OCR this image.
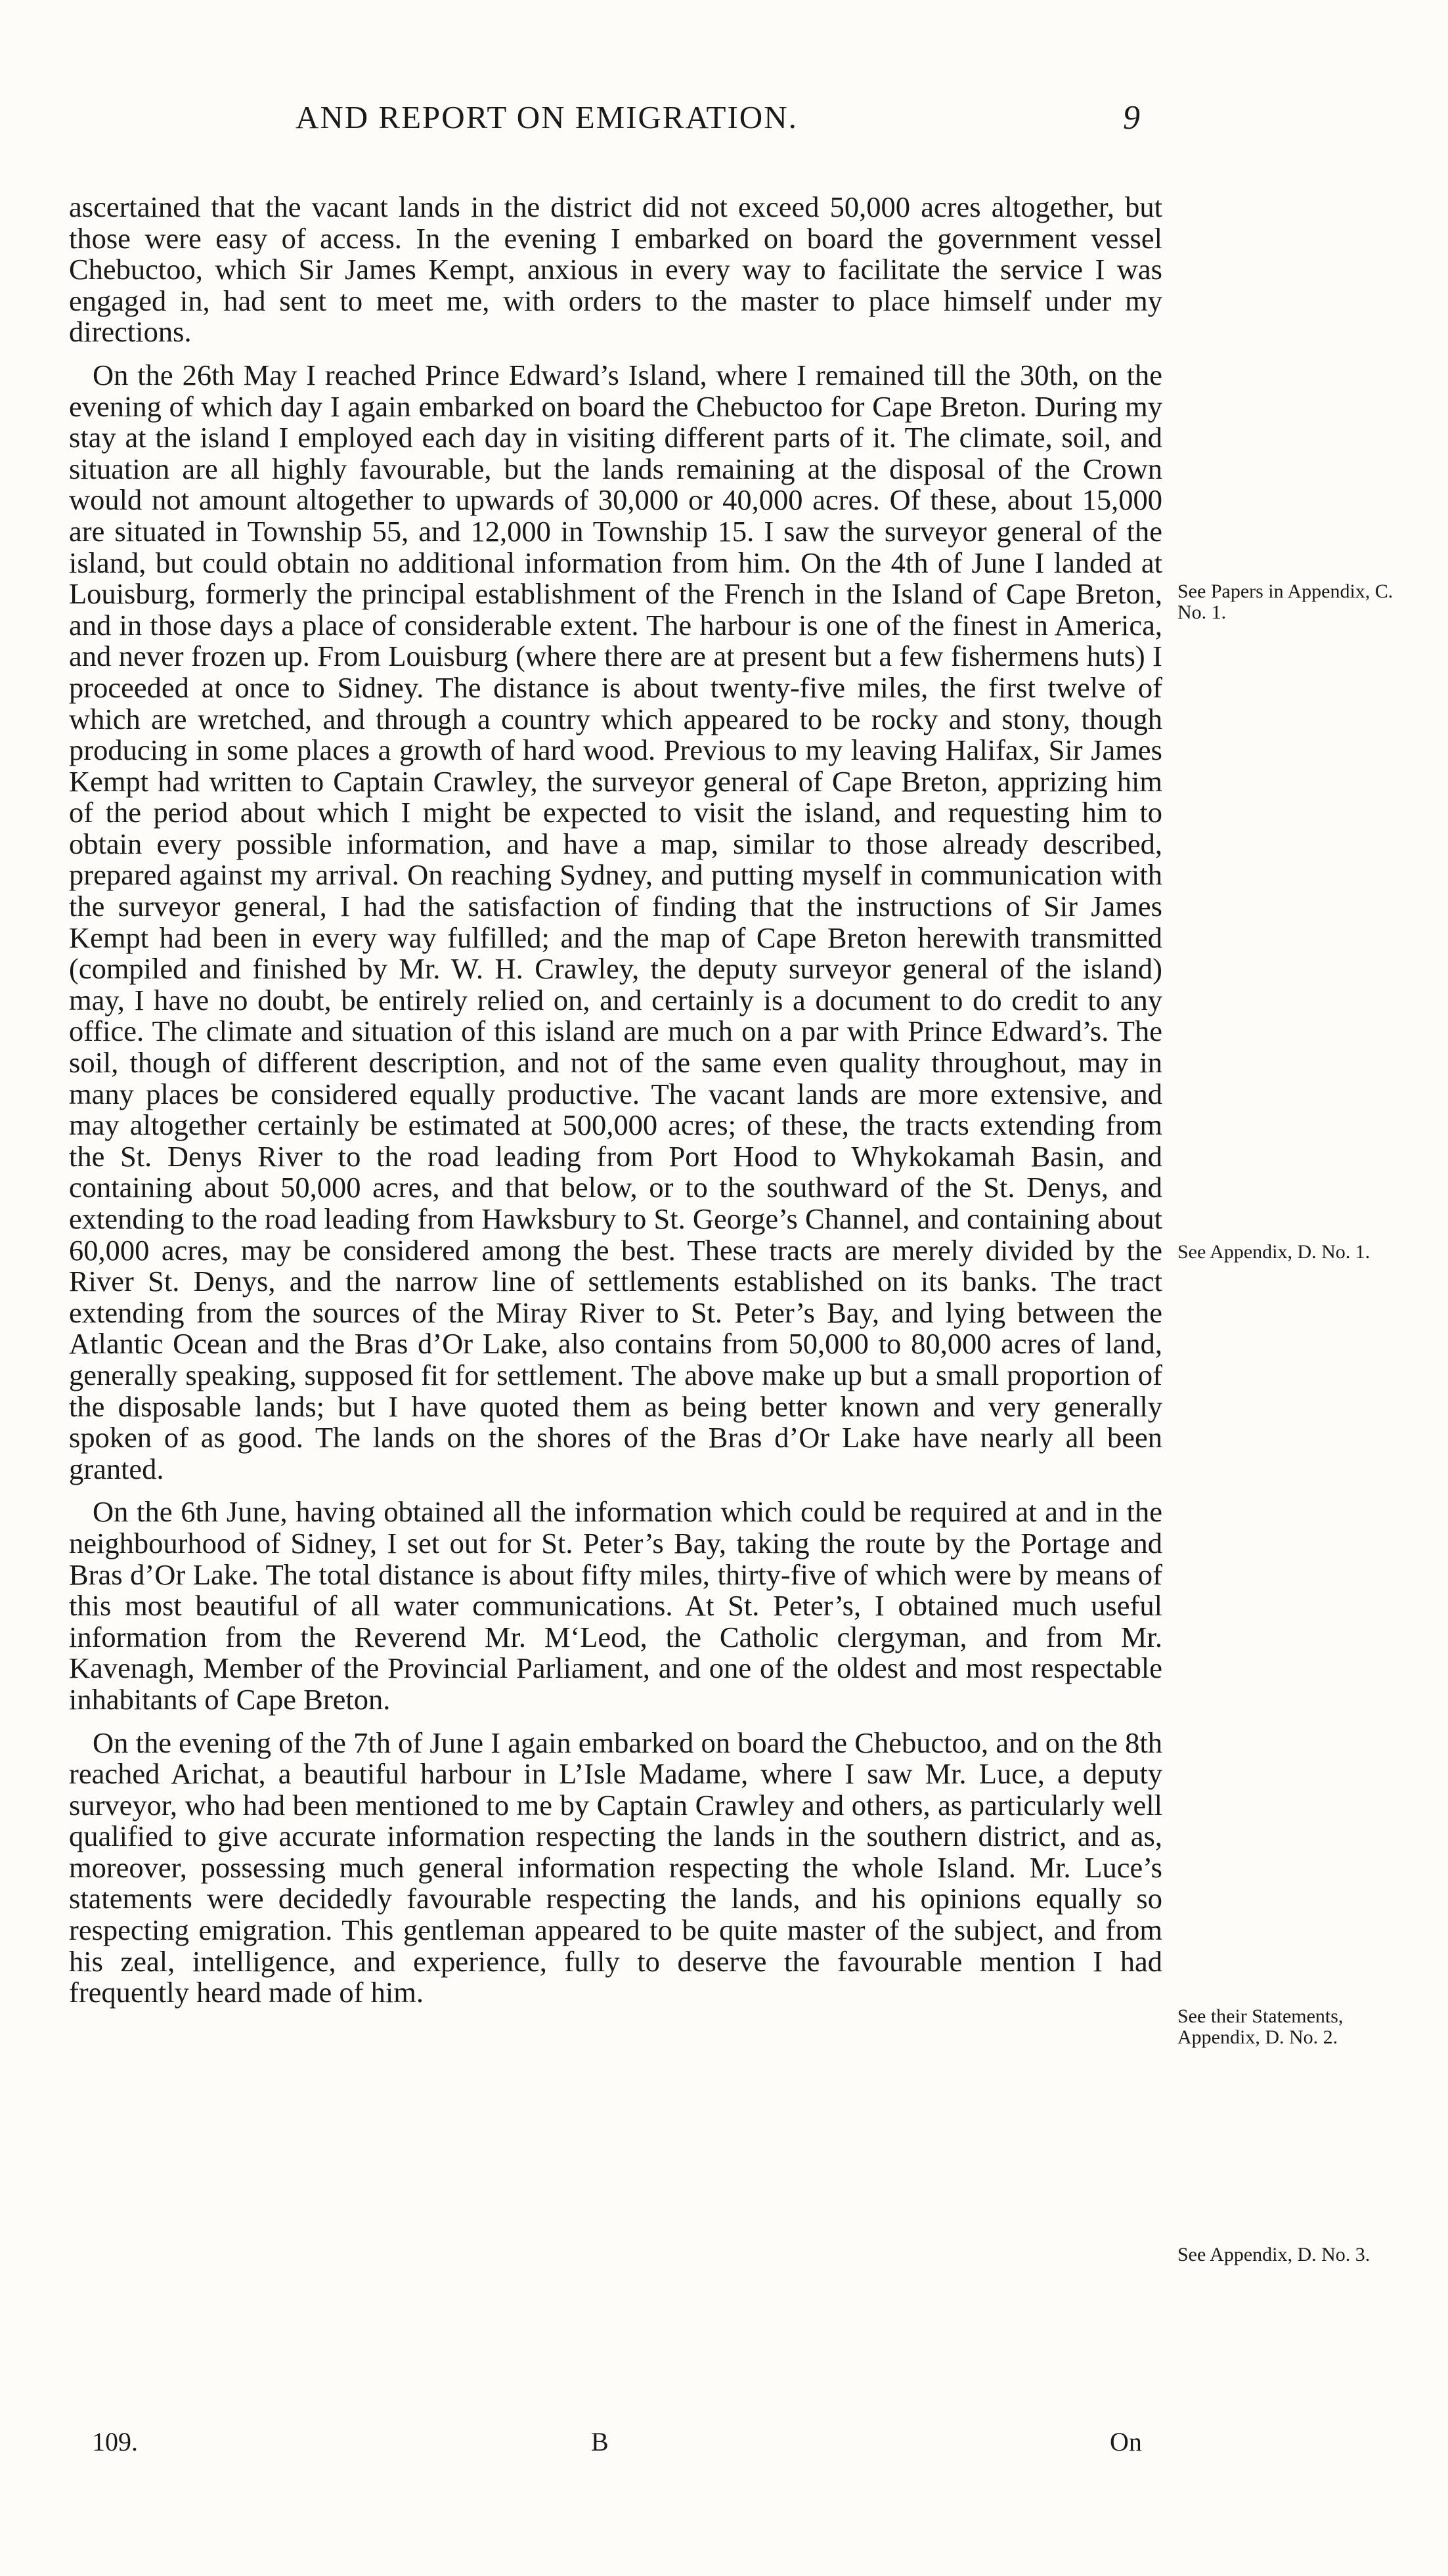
AND REPORT ON EMIGRATION.	9

ascertained that the vacant lands in the district did not exceed 50,000 acres altogether, but those were easy of access. In the evening I embarked on board the government vessel Chebuctoo, which Sir James Kempt, anxious in every way to facilitate the service I was engaged in, had sent to meet me, with orders to the master to place himself under my directions.

On the 26th May I reached Prince Edward’s Island, where I remained till the 30th, on the evening of which day I again embarked on board the Chebuctoo for Cape Breton. During my stay at the island I employed each day in visiting different parts of it. The climate, soil, and situation are all highly favourable, but the lands remaining at the disposal of the Crown would not amount altogether to upwards of 30,000 or 40,000 acres. Of these, about 15,000 are situated in Township 55, and 12,000 in Township 15. I saw the surveyor general of the island, but could obtain no additional information from him. On the 4th of June I landed at Louisburg, formerly the principal establishment of the French in the Island of Cape Breton, and in those days a place of considerable extent. The harbour is one of the finest in America, and never frozen up. From Louisburg (where there are at present but a few fishermens huts) I proceeded at once to Sidney. The distance is about twenty-five miles, the first twelve of which are wretched, and through a country which appeared to be rocky and stony, though producing in some places a growth of hard wood. Previous to my leaving Halifax, Sir James Kempt had written to Captain Crawley, the surveyor general of Cape Breton, apprizing him of the period about which I might be expected to visit the island, and requesting him to obtain every possible information, and have a map, similar to those already described, prepared against my arrival. On reaching Sydney, and putting myself in communication with the surveyor general, I had the satisfaction of finding that the instructions of Sir James Kempt had been in every way fulfilled; and the map of Cape Breton herewith transmitted (compiled and finished by Mr. W. H. Crawley, the deputy surveyor general of the island) may, I have no doubt, be entirely relied on, and certainly is a document to do credit to any office. The climate and situation of this island are much on a par with Prince Edward’s. The soil, though of different description, and not of the same even quality throughout, may in many places be considered equally productive. The vacant lands are more extensive, and may altogether certainly be estimated at 500,000 acres; of these, the tracts extending from the St. Denys River to the road leading from Port Hood to Whykokamah Basin, and containing about 50,000 acres, and that below, or to the southward of the St. Denys, and extending to the road leading from Hawksbury to St. George’s Channel, and containing about 60,000 acres, may be considered among the best. These tracts are merely divided by the River St. Denys, and the narrow line of settlements established on its banks. The tract extending from the sources of the Miray River to St. Peter’s Bay, and lying between the Atlantic Ocean and the Bras d’Or Lake, also contains from 50,000 to 80,000 acres of land, generally speaking, supposed fit for settlement. The above make up but a small proportion of the disposable lands; but I have quoted them as being better known and very generally spoken of as good. The lands on the shores of the Bras d’Or Lake have nearly all been granted.

On the 6th June, having obtained all the information which could be required at and in the neighbourhood of Sidney, I set out for St. Peter’s Bay, taking the route by the Portage and Bras d’Or Lake. The total distance is about fifty miles, thirty-five of which were by means of this most beautiful of all water communications. At St. Peter’s, I obtained much useful information from the Reverend Mr. M‘Leod, the Catholic clergyman, and from Mr. Kavenagh, Member of the Provincial Parliament, and one of the oldest and most respectable inhabitants of Cape Breton.

On the evening of the 7th of June I again embarked on board the Chebuctoo, and on the 8th reached Arichat, a beautiful harbour in L’Isle Madame, where I saw Mr. Luce, a deputy surveyor, who had been mentioned to me by Captain Crawley and others, as particularly well qualified to give accurate information respecting the lands in the southern district, and as, moreover, possessing much general information respecting the whole Island. Mr. Luce’s statements were decidedly favourable respecting the lands, and his opinions equally so respecting emigration. This gentleman appeared to be quite master of the subject, and from his zeal, intelligence, and experience, fully to deserve the favourable mention I had frequently heard made of him.

See Papers in Appendix, C. No. 1.
See Appendix, D. No. 1.
See their Statements, Appendix, D. No. 2.
See Appendix, D. No. 3.
109.	B	On
